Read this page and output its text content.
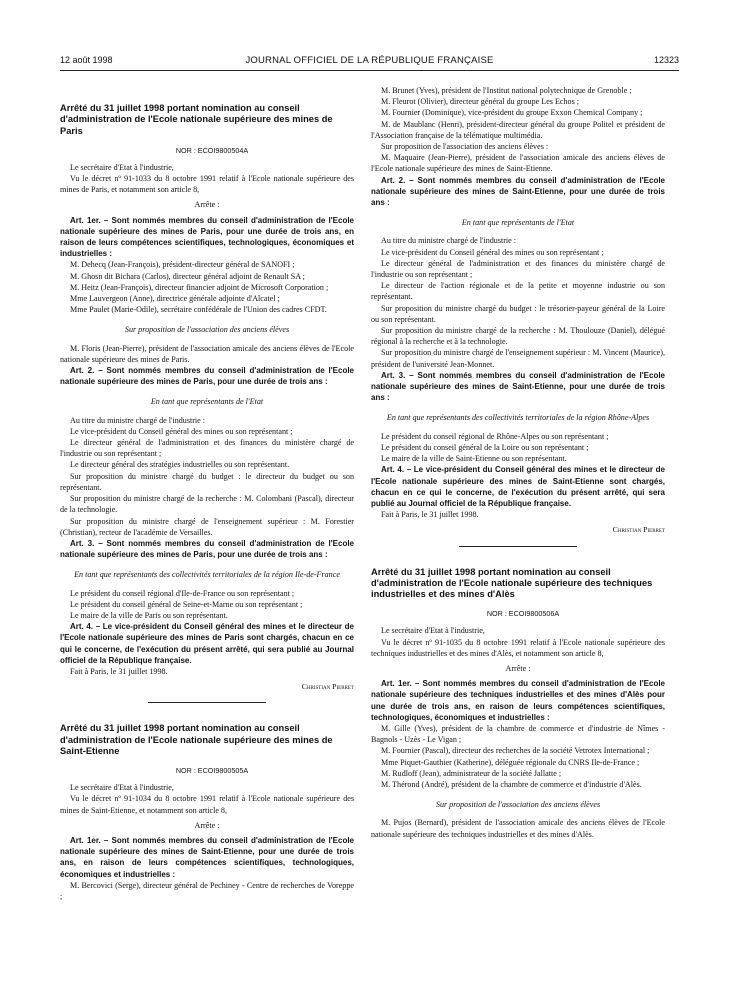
12 août 1998	JOURNAL OFFICIEL DE LA RÉPUBLIQUE FRANÇAISE	12323
Arrêté du 31 juillet 1998 portant nomination au conseil d'administration de l'Ecole nationale supérieure des mines de Paris

NOR : ECOI9800504A

Le secrétaire d'Etat à l'industrie,

Vu le décret nº 91-1033 du 8 octobre 1991 relatif à l'Ecole nationale supérieure des mines de Paris, et notamment son article 8,

Arrête :

Art. 1er. – Sont nommés membres du conseil d'administration de l'Ecole nationale supérieure des mines de Paris, pour une durée de trois ans, en raison de leurs compétences scientifiques, technologiques, économiques et industrielles :

M. Dehecq (Jean-François), président-directeur général de SANOFI ;

M. Ghosn dit Bichara (Carlos), directeur général adjoint de Renault SA ;

M. Heitz (Jean-François), directeur financier adjoint de Microsoft Corporation ;

Mme Lauvergeon (Anne), directrice générale adjointe d'Alcatel ;

Mme Paulet (Marie-Odile), secrétaire confédérale de l'Union des cadres CFDT.

Sur proposition de l'association des anciens élèves

M. Floris (Jean-Pierre), président de l'association amicale des anciens élèves de l'Ecole nationale supérieure des mines de Paris.

Art. 2. – Sont nommés membres du conseil d'administration de l'Ecole nationale supérieure des mines de Paris, pour une durée de trois ans :

En tant que représentants de l'Etat

Au titre du ministre chargé de l'industrie :

Le vice-président du Conseil général des mines ou son représentant ;

Le directeur général de l'administration et des finances du ministère chargé de l'industrie ou son représentant ;

Le directeur général des stratégies industrielles ou son représentant.

Sur proposition du ministre chargé du budget : le directeur du budget ou son représentant.

Sur proposition du ministre chargé de la recherche : M. Colombani (Pascal), directeur de la technologie.

Sur proposition du ministre chargé de l'enseignement supérieur : M. Forestier (Christian), recteur de l'académie de Versailles.

Art. 3. – Sont nommés membres du conseil d'administration de l'Ecole nationale supérieure des mines de Paris, pour une durée de trois ans :

En tant que représentants des collectivités territoriales de la région Ile-de-France

Le président du conseil régional d'Ile-de-France ou son représentant ;

Le président du conseil général de Seine-et-Marne ou son représentant ;

Le maire de la ville de Paris ou son représentant.

Art. 4. – Le vice-président du Conseil général des mines et le directeur de l'Ecole nationale supérieure des mines de Paris sont chargés, chacun en ce qui le concerne, de l'exécution du présent arrêté, qui sera publié au Journal officiel de la République française.

Fait à Paris, le 31 juillet 1998.

Christian Pierret

Arrêté du 31 juillet 1998 portant nomination au conseil d'administration de l'Ecole nationale supérieure des mines de Saint-Etienne

NOR : ECOI9800505A

Le secrétaire d'Etat à l'industrie,

Vu le décret nº 91-1034 du 8 octobre 1991 relatif à l'Ecole nationale supérieure des mines de Saint-Etienne, et notamment son article 8,

Arrête :

Art. 1er. – Sont nommés membres du conseil d'administration de l'Ecole nationale supérieure des mines de Saint-Etienne, pour une durée de trois ans, en raison de leurs compétences scientifiques, technologiques, économiques et industrielles :

M. Bercovici (Serge), directeur général de Pechiney - Centre de recherches de Voreppe ;

M. Brunet (Yves), président de l'Institut national polytechnique de Grenoble ;

M. Fleurot (Olivier), directeur général du groupe Les Echos ;

M. Fournier (Dominique), vice-président du groupe Exxon Chemical Company ;

M. de Maublanc (Henri), président-directeur général du groupe Politel et président de l'Association française de la télématique multimédia.

Sur proposition de l'association des anciens élèves :

M. Maquaire (Jean-Pierre), président de l'association amicale des anciens élèves de l'Ecole nationale supérieure des mines de Saint-Etienne.

Art. 2. – Sont nommés membres du conseil d'administration de l'Ecole nationale supérieure des mines de Saint-Etienne, pour une durée de trois ans :

En tant que représentants de l'Etat

Au titre du ministre chargé de l'industrie :

Le vice-président du Conseil général des mines ou son représentant ;

Le directeur général de l'administration et des finances du ministère chargé de l'industrie ou son représentant ;

Le directeur de l'action régionale et de la petite et moyenne industrie ou son représentant.

Sur proposition du ministre chargé du budget : le trésorier-payeur général de la Loire ou son représentant.

Sur proposition du ministre chargé de la recherche : M. Thoulouze (Daniel), délégué régional à la recherche et à la technologie.

Sur proposition du ministre chargé de l'enseignement supérieur : M. Vincent (Maurice), président de l'université Jean-Monnet.

Art. 3. – Sont nommés membres du conseil d'administration de l'Ecole nationale supérieure des mines de Saint-Etienne, pour une durée de trois ans :

En tant que représentants des collectivités territoriales de la région Rhône-Alpes

Le président du conseil régional de Rhône-Alpes ou son représentant ;

Le président du conseil général de la Loire ou son représentant ;

Le maire de la ville de Saint-Etienne ou son représentant.

Art. 4. – Le vice-président du Conseil général des mines et le directeur de l'Ecole nationale supérieure des mines de Saint-Etienne sont chargés, chacun en ce qui le concerne, de l'exécution du présent arrêté, qui sera publié au Journal officiel de la République française.

Fait à Paris, le 31 juillet 1998.

Christian Pierret

Arrêté du 31 juillet 1998 portant nomination au conseil d'administration de l'Ecole nationale supérieure des techniques industrielles et des mines d'Alès

NOR : ECOI9800506A

Le secrétaire d'Etat à l'industrie,

Vu le décret nº 91-1035 du 8 octobre 1991 relatif à l'Ecole nationale supérieure des techniques industrielles et des mines d'Alès, et notamment son article 8,

Arrête :

Art. 1er. – Sont nommés membres du conseil d'administration de l'Ecole nationale supérieure des techniques industrielles et des mines d'Alès pour une durée de trois ans, en raison de leurs compétences scientifiques, technologiques, économiques et industrielles :

M. Gille (Yves), président de la chambre de commerce et d'industrie de Nîmes - Bagnols - Uzès - Le Vigan ;

M. Fournier (Pascal), directeur des recherches de la société Vetrotex International ;

Mme Piquet-Gauthier (Katherine), déléguée régionale du CNRS Ile-de-France ;

M. Rudloff (Jean), administrateur de la société Jallatte ;

M. Thérond (André), président de la chambre de commerce et d'industrie d'Alès.

Sur proposition de l'association des anciens élèves

M. Pujos (Bernard), président de l'association amicale des anciens élèves de l'Ecole nationale supérieure des techniques industrielles et des mines d'Alès.
